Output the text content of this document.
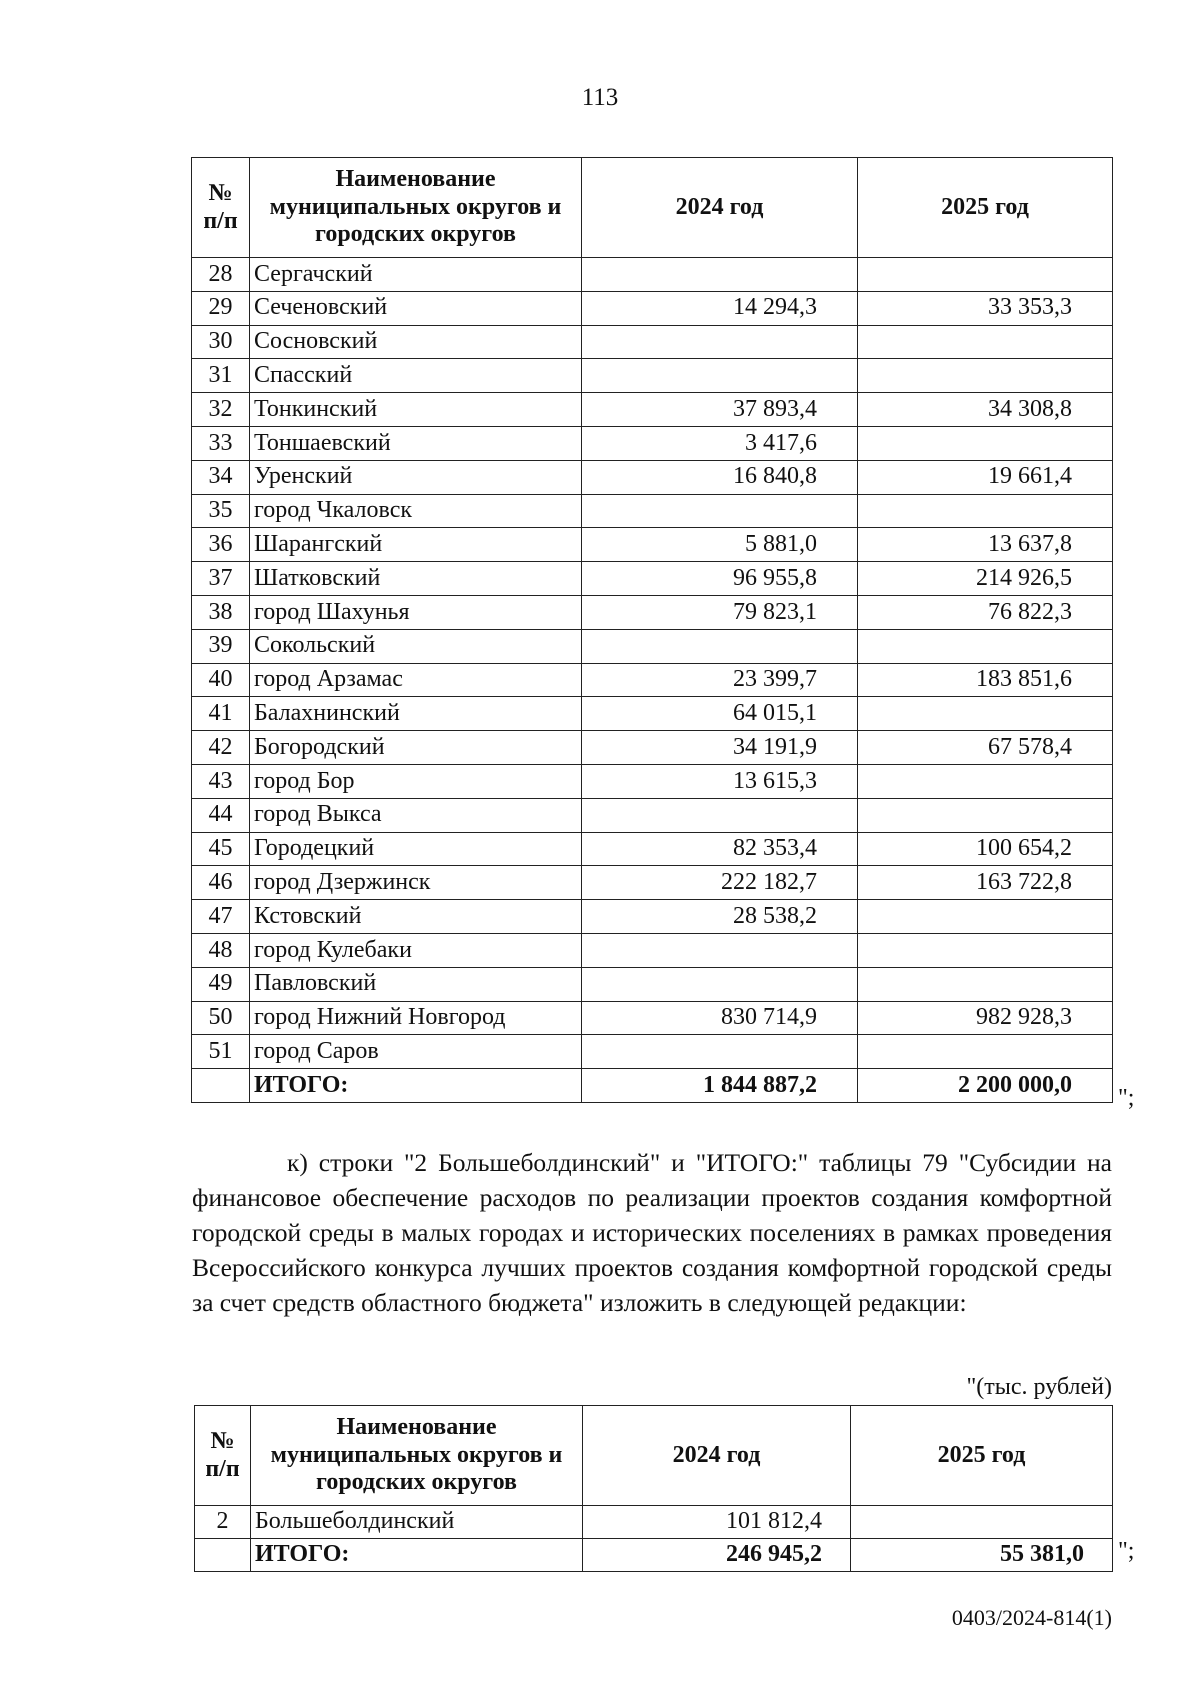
113
№ п/п	Наименование муниципальных округов и городских округов	2024 год	2025 год
28	Сергачский		
29	Сеченовский	14 294,3	33 353,3
30	Сосновский		
31	Спасский		
32	Тонкинский	37 893,4	34 308,8
33	Тоншаевский	3 417,6	
34	Уренский	16 840,8	19 661,4
35	город Чкаловск		
36	Шарангский	5 881,0	13 637,8
37	Шатковский	96 955,8	214 926,5
38	город Шахунья	79 823,1	76 822,3
39	Сокольский		
40	город Арзамас	23 399,7	183 851,6
41	Балахнинский	64 015,1	
42	Богородский	34 191,9	67 578,4
43	город Бор	13 615,3	
44	город Выкса		
45	Городецкий	82 353,4	100 654,2
46	город Дзержинск	222 182,7	163 722,8
47	Кстовский	28 538,2	
48	город Кулебаки		
49	Павловский		
50	город Нижний Новгород	830 714,9	982 928,3
51	город Саров		
	ИТОГО:	1 844 887,2	2 200 000,0
";
к) строки "2 Большеболдинский" и "ИТОГО:" таблицы 79 "Субсидии на финансовое обеспечение расходов по реализации проектов создания комфортной городской среды в малых городах и исторических поселениях в рамках проведения Всероссийского конкурса лучших проектов создания комфортной городской среды за счет средств областного бюджета" изложить в следующей редакции:
"(тыс. рублей)
№ п/п	Наименование муниципальных округов и городских округов	2024 год	2025 год
2	Большеболдинский	101 812,4	
	ИТОГО:	246 945,2	55 381,0 ";
0403/2024-814(1)
